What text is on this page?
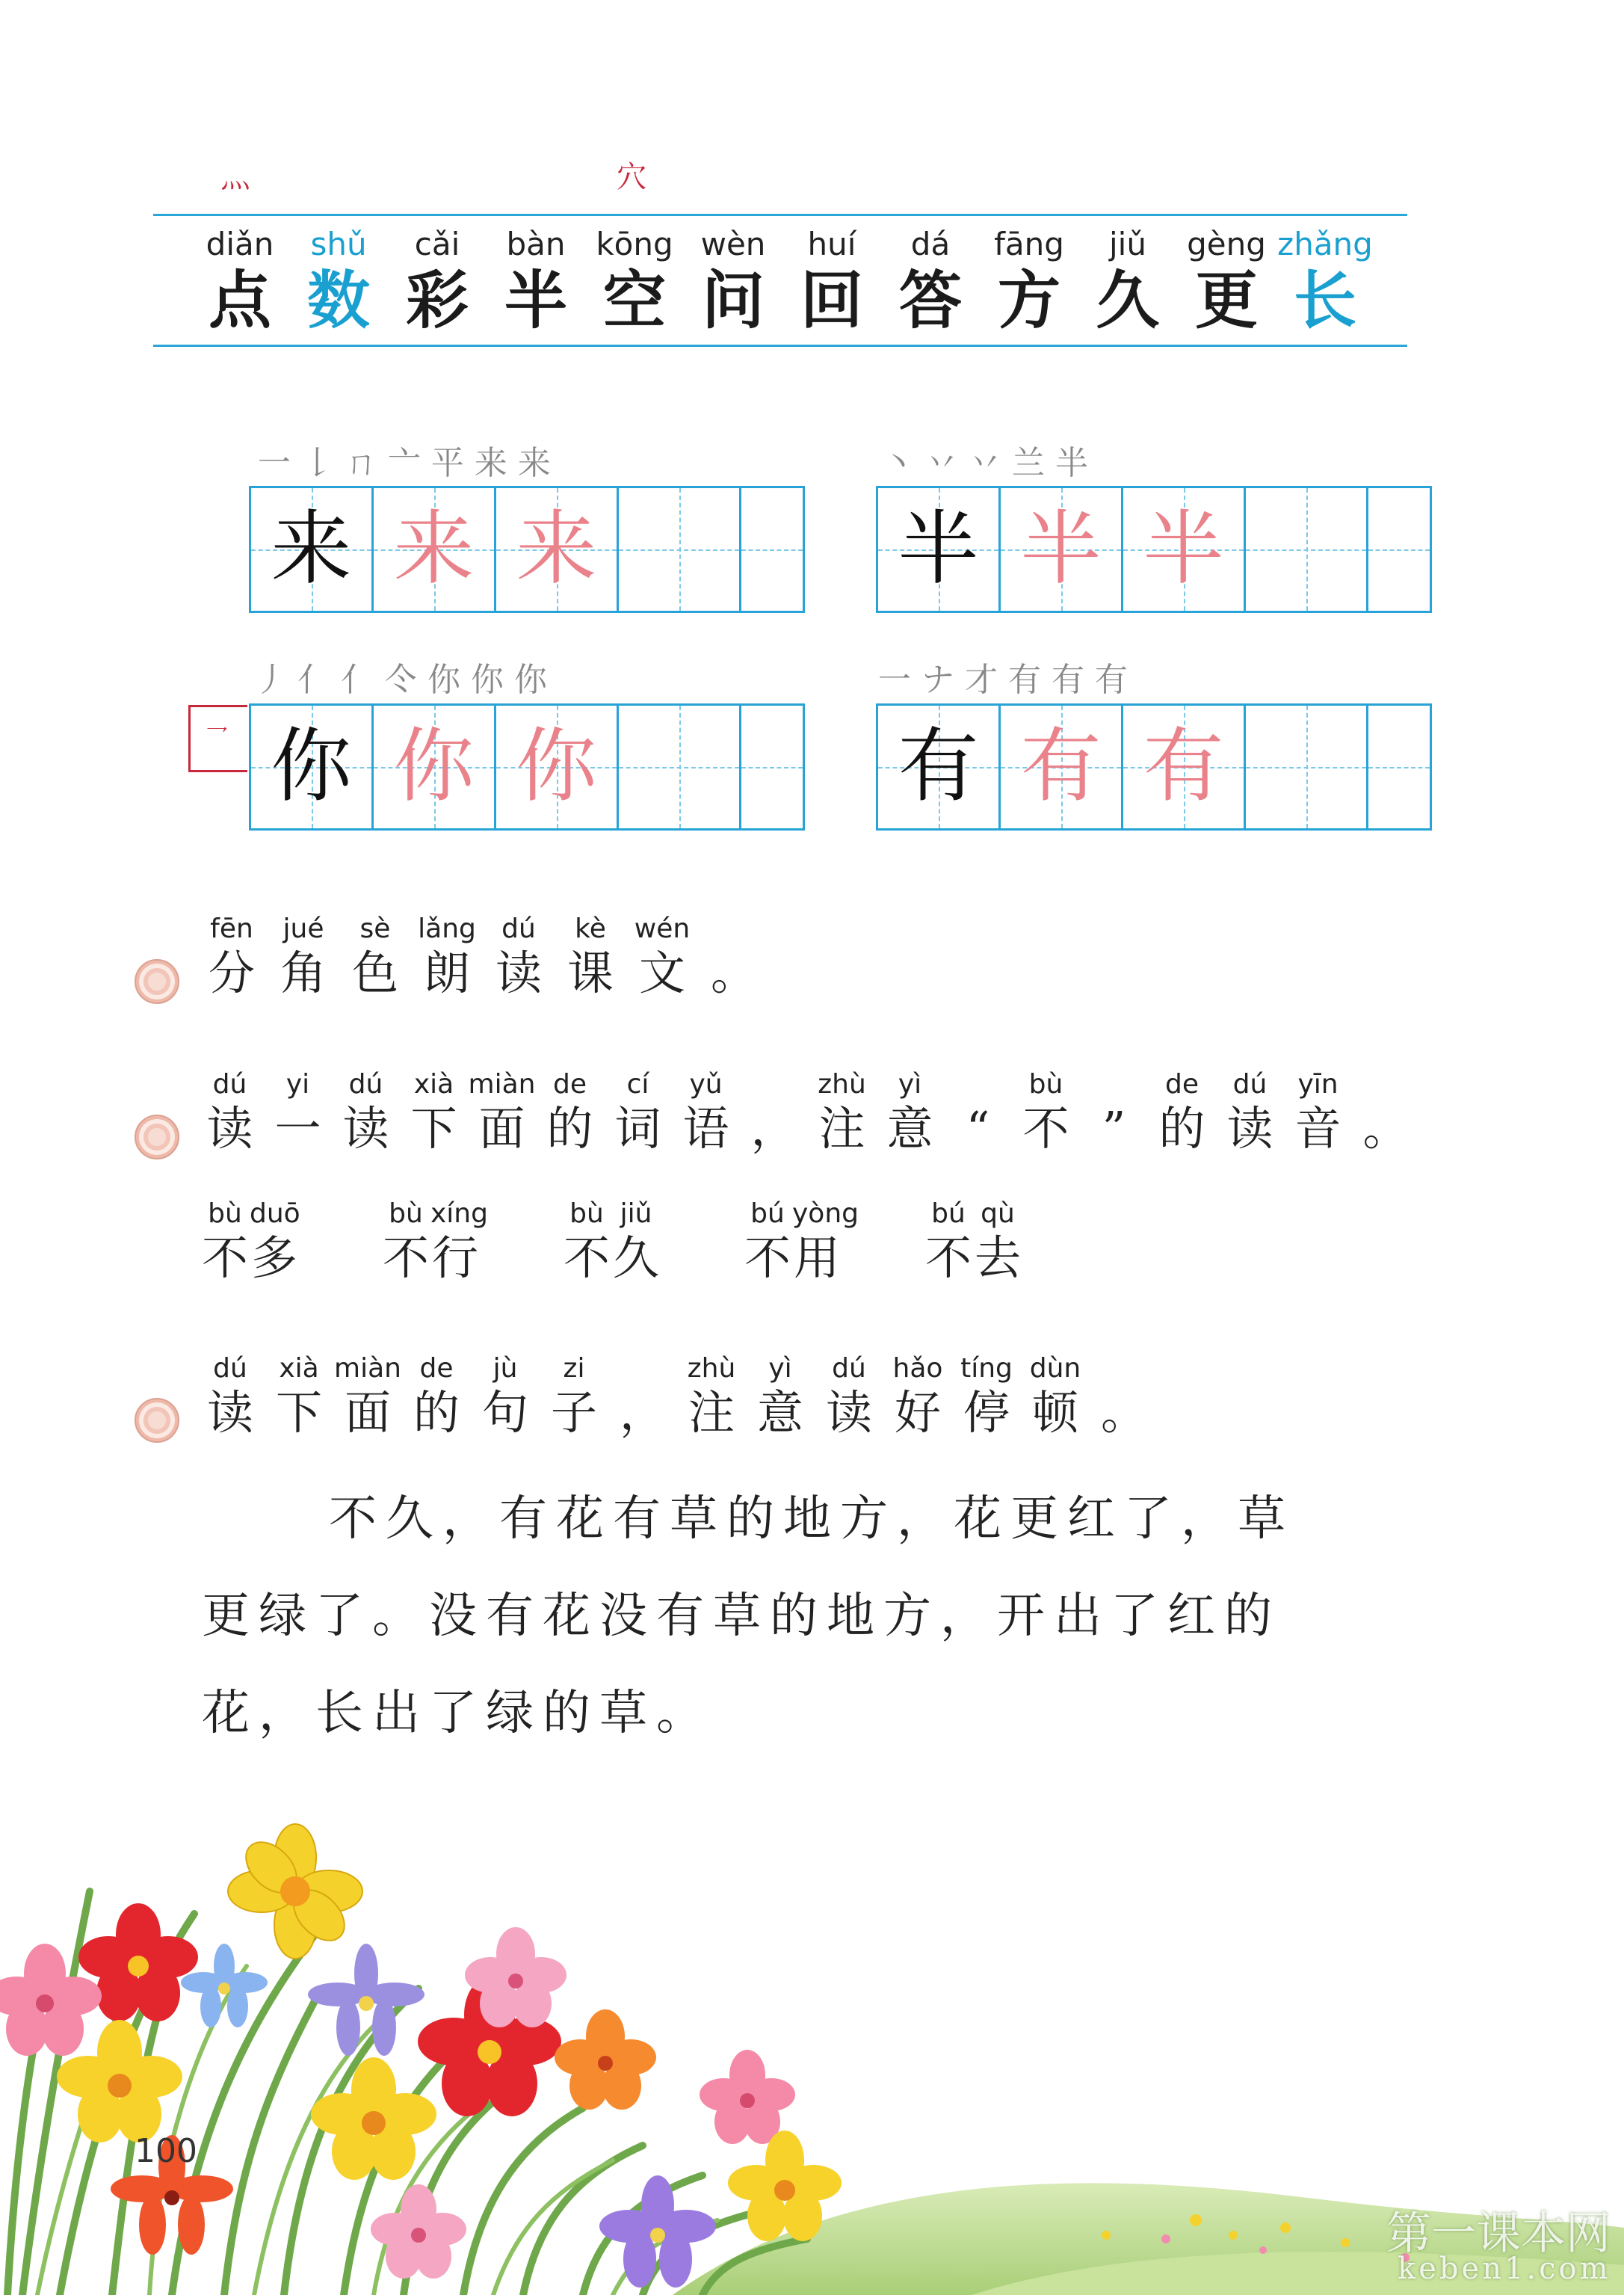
灬	穴
diǎn
点
shǔ
数
cǎi
彩
bàn
半
kōng
空
wèn
问
huí
回
dá
答
fāng
方
jiǔ
久
gèng
更
zhǎng
长
一 𠄌 ㄇ 亠 平 来 来
来 来 来
丶 丷 丷 兰 半
半 半 半
丿 亻 亻 仒 你 你 你
乛 你 你 你
一 ナ 才 有 有 有
有 有 有
fēn
分
jué
角
sè
色
lǎng
朗
dú
读
kè
课
wén
文 。
dú
读
yi
一
dú
读
xià
下
miàn
面
de
的
cí
词
yǔ
语 ，
zhù
注
yì
意 “
bù
不 ”
de
的
dú
读
yīn
音 。
bù
不
duō
多
bù
不
xíng
行
bù
不
jiǔ
久
bú
不
yòng
用
bú
不
qù
去
dú
读
xià
下
miàn
面
de
的
jù
句
zi
子 ，
zhù
注
yì
意
dú
读
hǎo
好
tíng
停
dùn
顿 。

不久，有花有草的地方，花更红了，草

更绿了。没有花没有草的地方，开出了红的

花，长出了绿的草。

100
第一课本网
keben1.com
